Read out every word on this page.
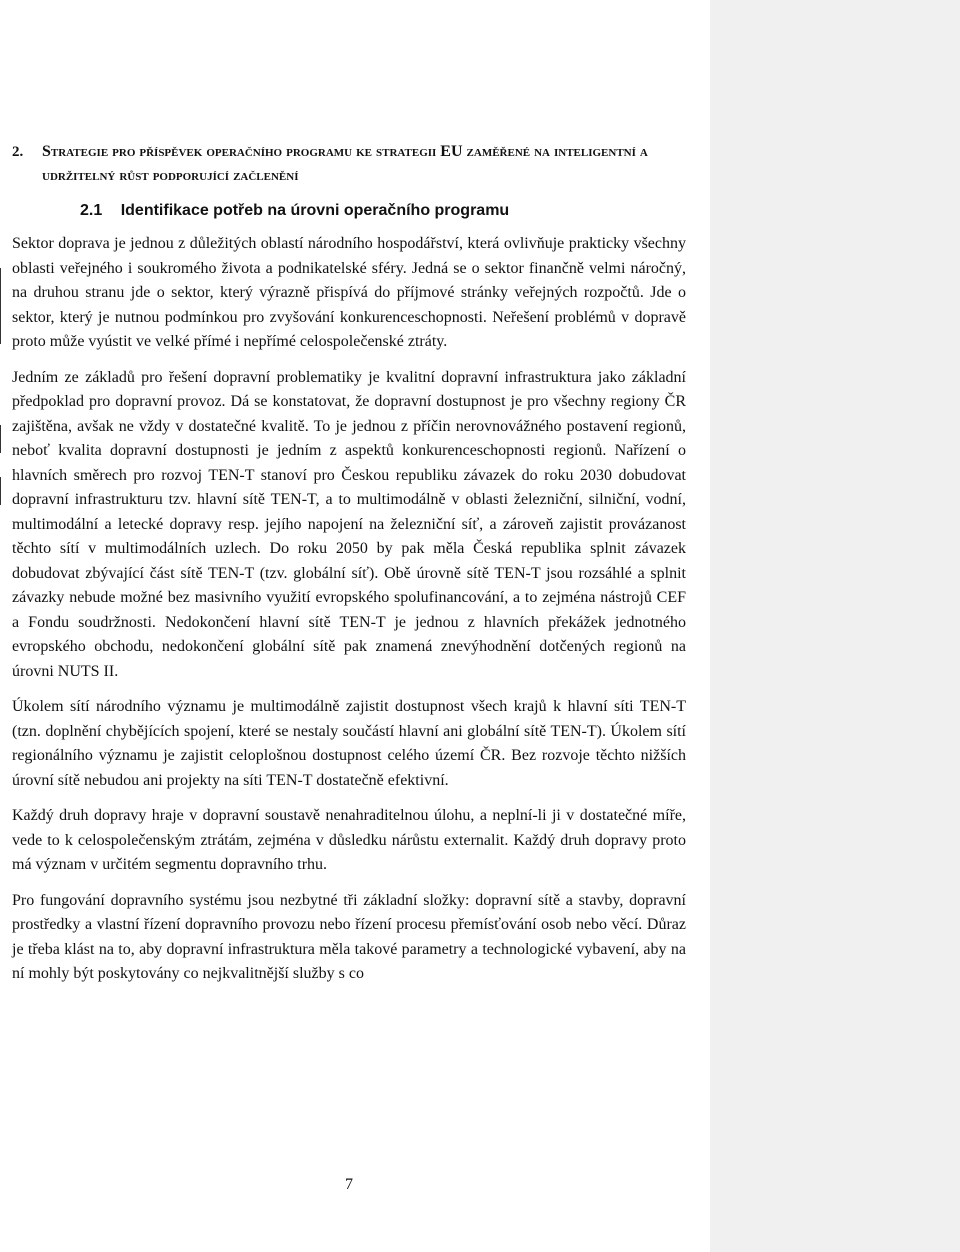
2.	Strategie pro příspěvek operačního programu ke strategii EU zaměřené na inteligentní a udržitelný růst podporující začlenění
2.1 Identifikace potřeb na úrovni operačního programu

Sektor doprava je jednou z důležitých oblastí národního hospodářství, která ovlivňuje prakticky všechny oblasti veřejného i soukromého života a podnikatelské sféry. Jedná se o sektor finančně velmi náročný, na druhou stranu jde o sektor, který výrazně přispívá do příjmové stránky veřejných rozpočtů. Jde o sektor, který je nutnou podmínkou pro zvyšování konkurenceschopnosti. Neřešení problémů v dopravě proto může vyústit ve velké přímé i nepřímé celospolečenské ztráty.

Jedním ze základů pro řešení dopravní problematiky je kvalitní dopravní infrastruktura jako základní předpoklad pro dopravní provoz. Dá se konstatovat, že dopravní dostupnost je pro všechny regiony ČR zajištěna, avšak ne vždy v dostatečné kvalitě. To je jednou z příčin nerovnovážného postavení regionů, neboť kvalita dopravní dostupnosti je jedním z aspektů konkurenceschopnosti regionů. Nařízení o hlavních směrech pro rozvoj TEN-T stanoví pro Českou republiku závazek do roku 2030 dobudovat dopravní infrastrukturu tzv. hlavní sítě TEN-T, a to multimodálně v oblasti železniční, silniční, vodní, multimodální a letecké dopravy resp. jejího napojení na železniční síť, a zároveň zajistit provázanost těchto sítí v multimodálních uzlech. Do roku 2050 by pak měla Česká republika splnit závazek dobudovat zbývající část sítě TEN-T (tzv. globální síť). Obě úrovně sítě TEN-T jsou rozsáhlé a splnit závazky nebude možné bez masivního využití evropského spolufinancování, a to zejména nástrojů CEF a Fondu soudržnosti. Nedokončení hlavní sítě TEN-T je jednou z hlavních překážek jednotného evropského obchodu, nedokončení globální sítě pak znamená znevýhodnění dotčených regionů na úrovni NUTS II.

Úkolem sítí národního významu je multimodálně zajistit dostupnost všech krajů k hlavní síti TEN-T (tzn. doplnění chybějících spojení, které se nestaly součástí hlavní ani globální sítě TEN-T). Úkolem sítí regionálního významu je zajistit celoplošnou dostupnost celého území ČR. Bez rozvoje těchto nižších úrovní sítě nebudou ani projekty na síti TEN-T dostatečně efektivní.

Každý druh dopravy hraje v dopravní soustavě nenahraditelnou úlohu, a neplní-li ji v dostatečné míře, vede to k celospolečenským ztrátám, zejména v důsledku nárůstu externalit. Každý druh dopravy proto má význam v určitém segmentu dopravního trhu.

Pro fungování dopravního systému jsou nezbytné tři základní složky: dopravní sítě a stavby, dopravní prostředky a vlastní řízení dopravního provozu nebo řízení procesu přemísťování osob nebo věcí. Důraz je třeba klást na to, aby dopravní infrastruktura měla takové parametry a technologické vybavení, aby na ní mohly být poskytovány co nejkvalitnější služby s co

7
